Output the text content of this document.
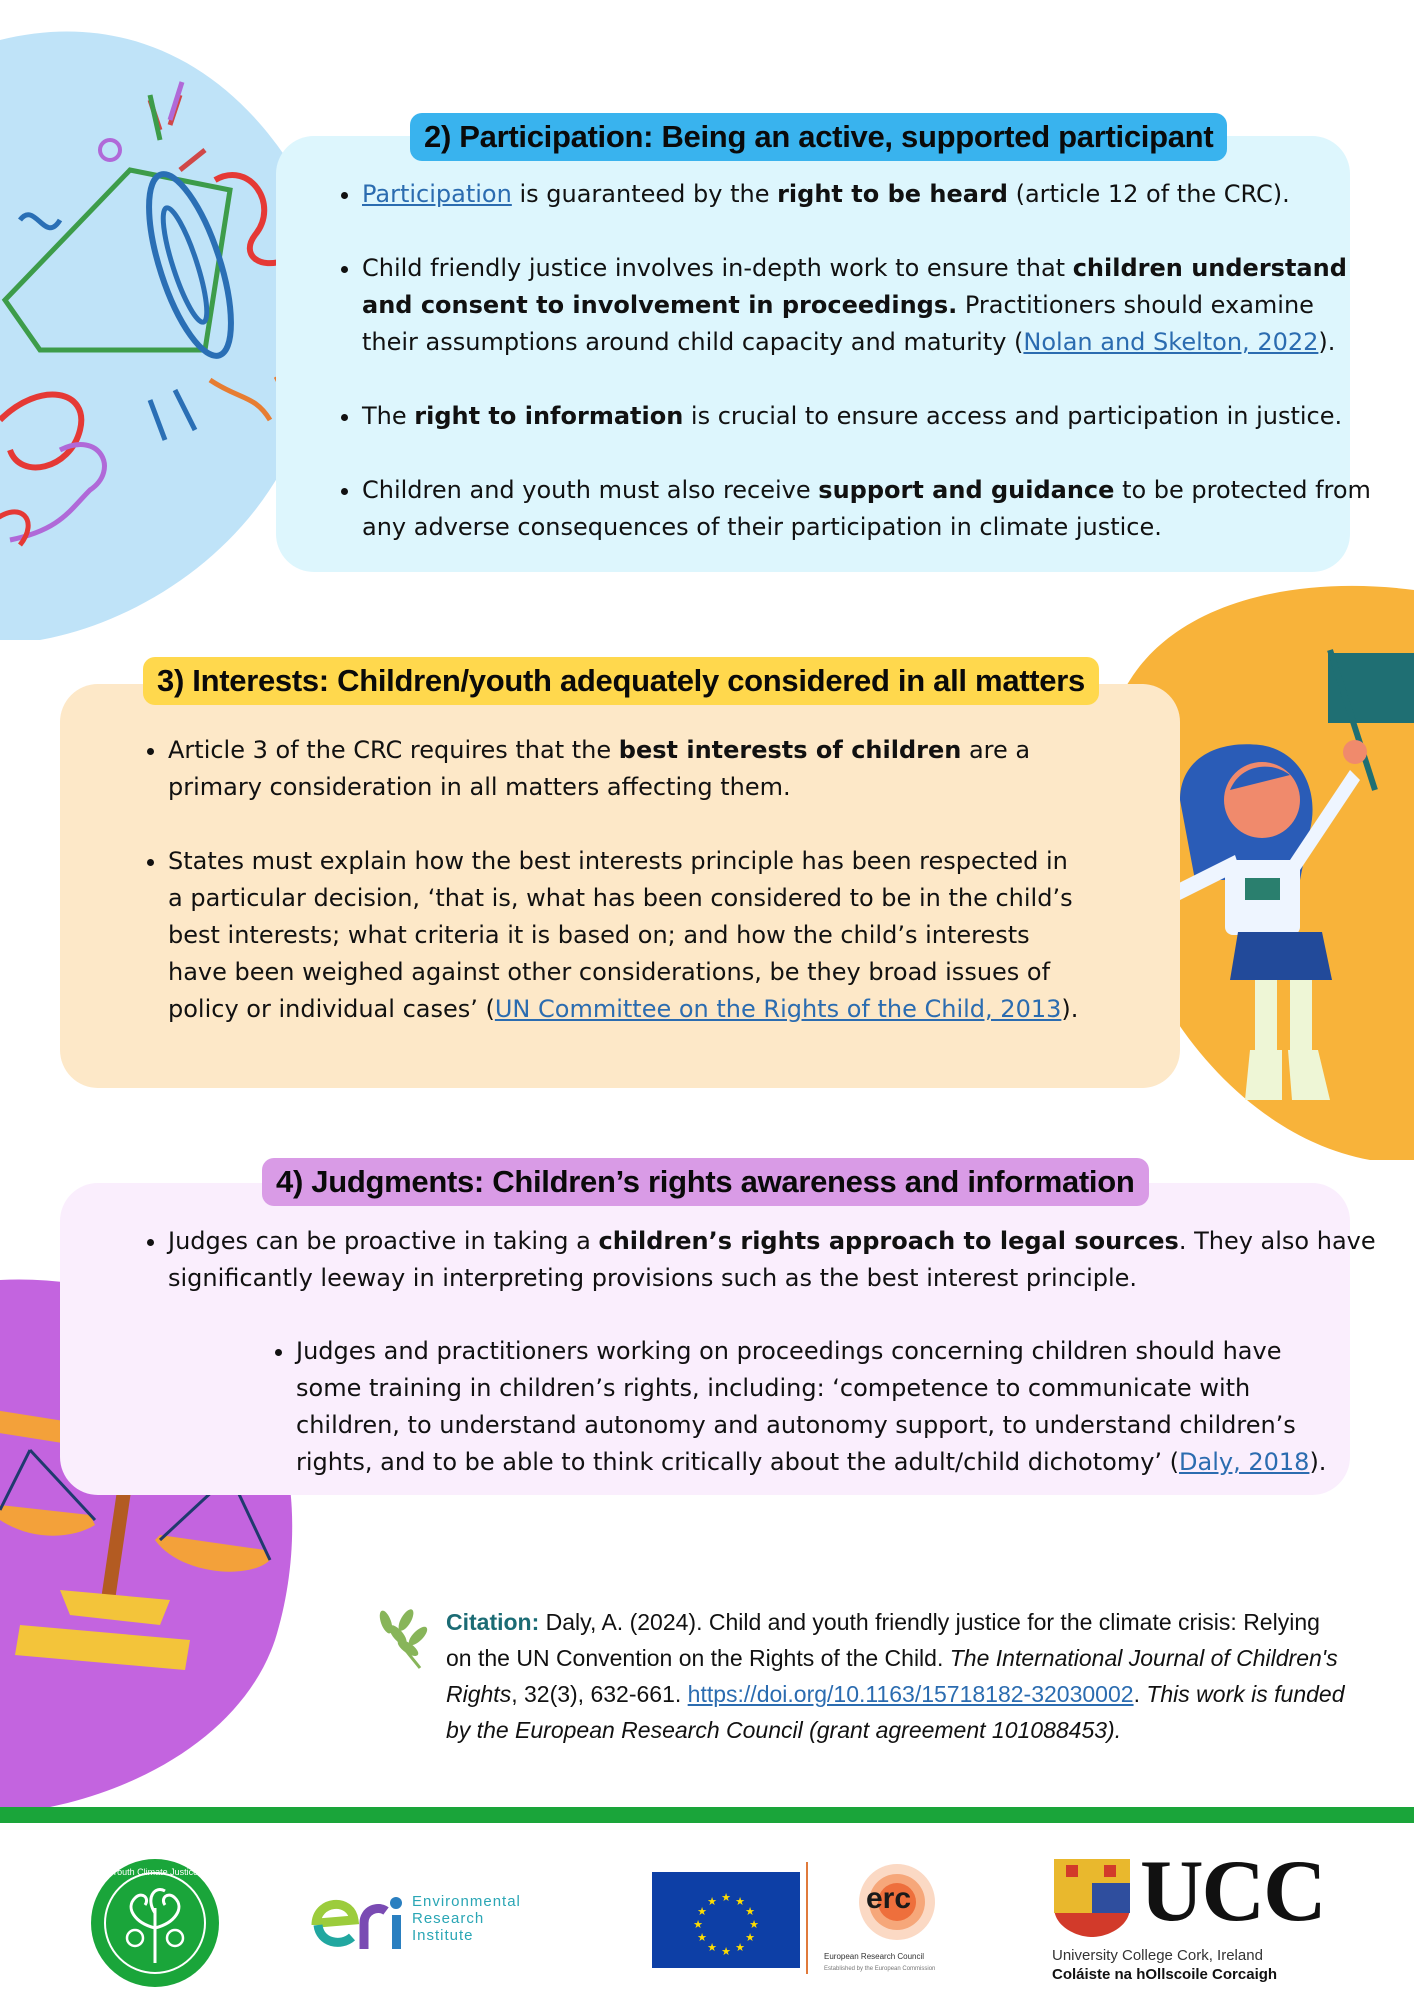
2) Participation: Being an active, supported participant
• Participation is guaranteed by the right to be heard (article 12 of the CRC).
• Child friendly justice involves in-depth work to ensure that children understand and consent to involvement in proceedings. Practitioners should examine their assumptions around child capacity and maturity (Nolan and Skelton, 2022).
• The right to information is crucial to ensure access and participation in justice.
• Children and youth must also receive support and guidance to be protected from any adverse consequences of their participation in climate justice.
3) Interests: Children/youth adequately considered in all matters
• Article 3 of the CRC requires that the best interests of children are a primary consideration in all matters affecting them.
• States must explain how the best interests principle has been respected in a particular decision, ‘that is, what has been considered to be in the child’s best interests; what criteria it is based on; and how the child’s interests have been weighed against other considerations, be they broad issues of policy or individual cases’ (UN Committee on the Rights of the Child, 2013).
4) Judgments: Children’s rights awareness and information
• Judges can be proactive in taking a children’s rights approach to legal sources. They also have significantly leeway in interpreting provisions such as the best interest principle.
• Judges and practitioners working on proceedings concerning children should have some training in children’s rights, including: ‘competence to communicate with children, to understand autonomy and autonomy support, to understand children’s rights, and to be able to think critically about the adult/child dichotomy’ (Daly, 2018).
Citation: Daly, A. (2024). Child and youth friendly justice for the climate crisis: Relying on the UN Convention on the Rights of the Child. The International Journal of Children's Rights, 32(3), 632-661. https://doi.org/10.1163/15718182-32030002. This work is funded by the European Research Council (grant agreement 101088453).
Youth Climate Justice
Environmental
Research
Institute
★ ★
★
★
★
★
★
★
★
★
★
★	erc
European Research Council
Established by the European Commission
UCC
University College Cork, Ireland
Coláiste na hOllscoile Corcaigh
